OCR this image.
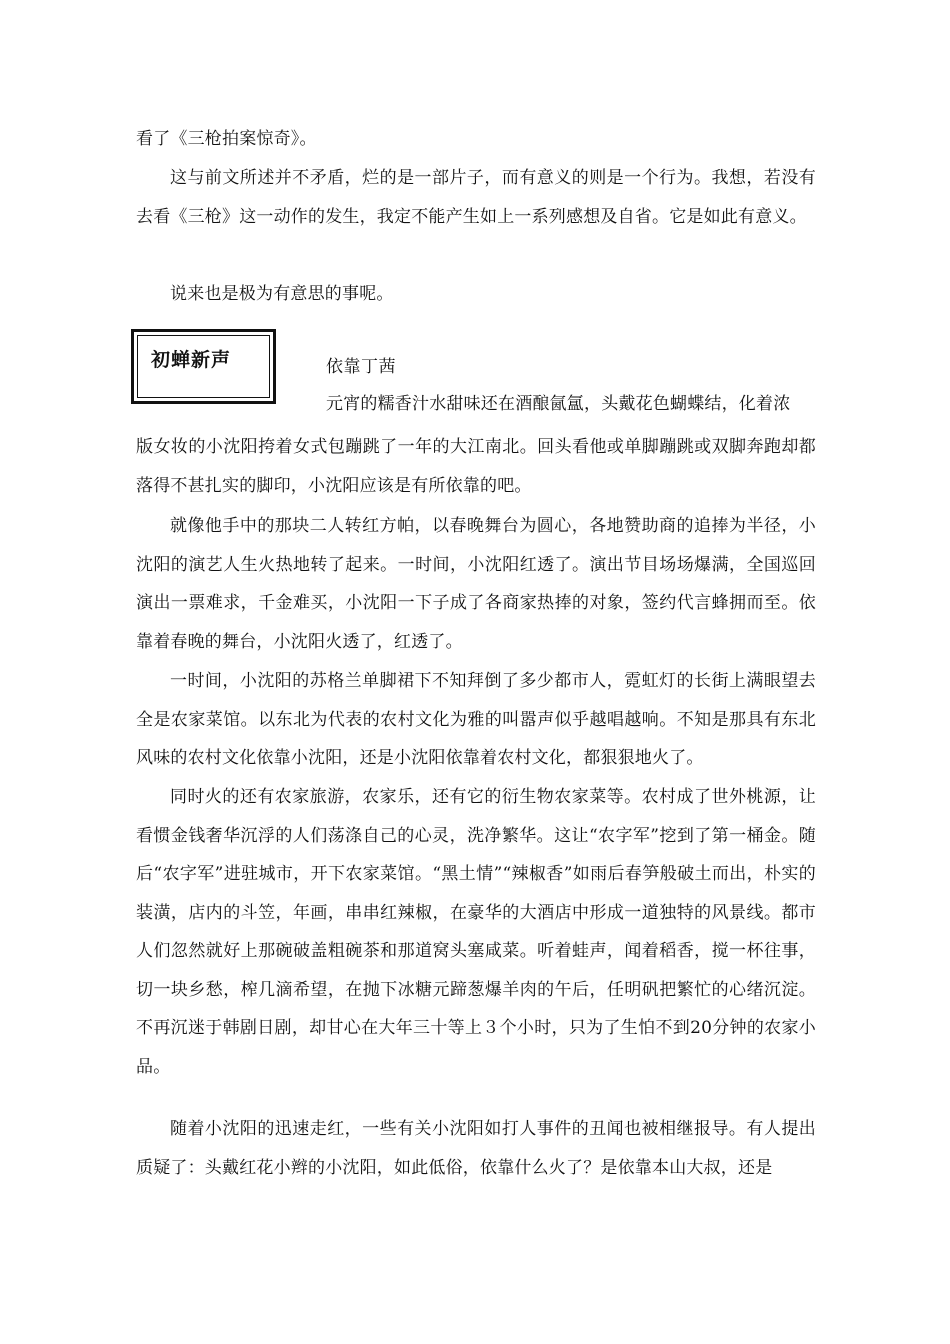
看了《三枪拍案惊奇》。

这与前文所述并不矛盾，烂的是一部片子，而有意义的则是一个行为。我想，若没有去看《三枪》这一动作的发生，我定不能产生如上一系列感想及自省。它是如此有意义。

说来也是极为有意思的事呢。

初蝉新声	依靠丁茜
元宵的糯香汁水甜味还在酒酿氤氲，头戴花色蝴蝶结，化着浓

版女妆的小沈阳挎着女式包蹦跳了一年的大江南北。回头看他或单脚蹦跳或双脚奔跑却都落得不甚扎实的脚印，小沈阳应该是有所依靠的吧。

就像他手中的那块二人转红方帕，以春晚舞台为圆心，各地赞助商的追捧为半径，小沈阳的演艺人生火热地转了起来。一时间，小沈阳红透了。演出节目场场爆满，全国巡回演出一票难求，千金难买，小沈阳一下子成了各商家热捧的对象，签约代言蜂拥而至。依靠着春晚的舞台，小沈阳火透了，红透了。

一时间，小沈阳的苏格兰单脚裙下不知拜倒了多少都市人，霓虹灯的长街上满眼望去全是农家菜馆。以东北为代表的农村文化为雅的叫嚣声似乎越唱越响。不知是那具有东北风味的农村文化依靠小沈阳，还是小沈阳依靠着农村文化，都狠狠地火了。

同时火的还有农家旅游，农家乐，还有它的衍生物农家菜等。农村成了世外桃源，让看惯金钱奢华沉浮的人们荡涤自己的心灵，洗净繁华。这让“农字军”挖到了第一桶金。随后“农字军”进驻城市，开下农家菜馆。“黑土情”“辣椒香”如雨后春笋般破土而出，朴实的装潢，店内的斗笠，年画，串串红辣椒，在豪华的大酒店中形成一道独特的风景线。都市人们忽然就好上那碗破盖粗碗茶和那道窝头塞咸菜。听着蛙声，闻着稻香，搅一杯往事，切一块乡愁，榨几滴希望，在抛下冰糖元蹄葱爆羊肉的午后，任明矾把繁忙的心绪沉淀。不再沉迷于韩剧日剧，却甘心在大年三十等上３个小时，只为了生怕不到20分钟的农家小品。

随着小沈阳的迅速走红，一些有关小沈阳如打人事件的丑闻也被相继报导。有人提出质疑了：头戴红花小辫的小沈阳，如此低俗，依靠什么火了？是依靠本山大叔，还是
